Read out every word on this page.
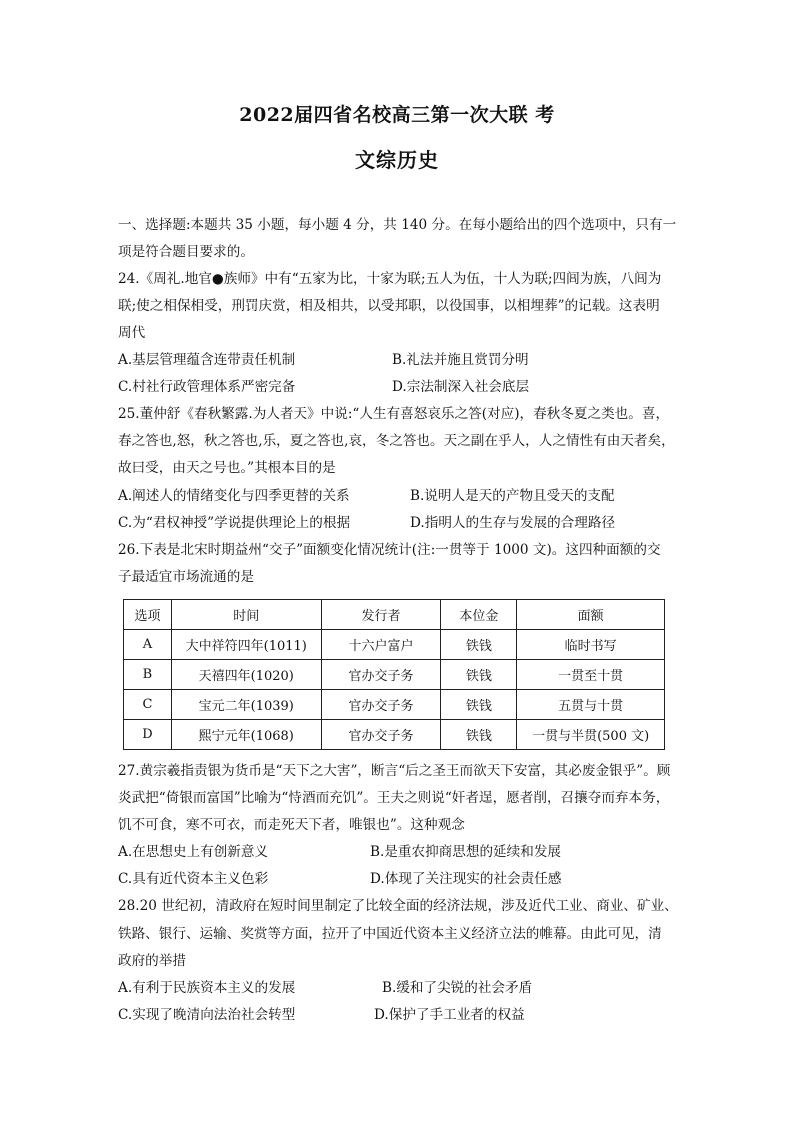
2022届四省名校高三第一次大联 考
文综历史

一、选择题:本题共 35 小题，每小题 4 分，共 140 分。在每小题给出的四个选项中，只有一

项是符合题目要求的。

24.《周礼.地官●族师》中有“五家为比，十家为联;五人为伍，十人为联;四闾为族，八闾为

联;使之相保相受，刑罚庆赏，相及相共，以受邦职，以役国事，以相埋葬”的记载。这表明

周代

A.基层管理蕴含连带责任机制	B.礼法并施且赏罚分明

C.村社行政管理体系严密完备	D.宗法制深入社会底层

25.董仲舒《春秋繁露.为人者天》中说:“人生有喜怒哀乐之答(对应)，春秋冬夏之类也。喜，

春之答也,怒，秋之答也,乐，夏之答也,哀，冬之答也。天之副在乎人，人之情性有由天者矣，

故曰受，由天之号也。”其根本目的是

A.阐述人的情绪变化与四季更替的关系	B.说明人是天的产物且受天的支配

C.为“君权神授”学说提供理论上的根据	D.指明人的生存与发展的合理路径

26.下表是北宋时期益州“交子”面额变化情况统计(注:一贯等于 1000 文)。这四种面额的交

子最适宜市场流通的是

选项	时间	发行者	本位金	面额
A	大中祥符四年(1011)	十六户富户	铁钱	临时书写
B	天禧四年(1020)	官办交子务	铁钱	一贯至十贯
C	宝元二年(1039)	官办交子务	铁钱	五贯与十贯
D	熙宁元年(1068)	官办交子务	铁钱	一贯与半贯(500 文)

27.黄宗羲指责银为货币是“天下之大害”，断言“后之圣王而欲天下安富，其必废金银乎”。顾

炎武把“倚银而富国”比喻为“恃酒而充饥”。王夫之则说“奸者逞，愿者削，召攘夺而弃本务，

饥不可食，寒不可衣，而走死天下者，唯银也”。这种观念

A.在思想史上有创新意义	B.是重农抑商思想的延续和发展

C.具有近代资本主义色彩	D.体现了关注现实的社会责任感

28.20 世纪初，清政府在短时间里制定了比较全面的经济法规，涉及近代工业、商业、矿业、

铁路、银行、运输、奖赏等方面，拉开了中国近代资本主义经济立法的帷幕。由此可见，清

政府的举措

A.有利于民族资本主义的发展	B.缓和了尖锐的社会矛盾

C.实现了晚清向法治社会转型	D.保护了手工业者的权益
